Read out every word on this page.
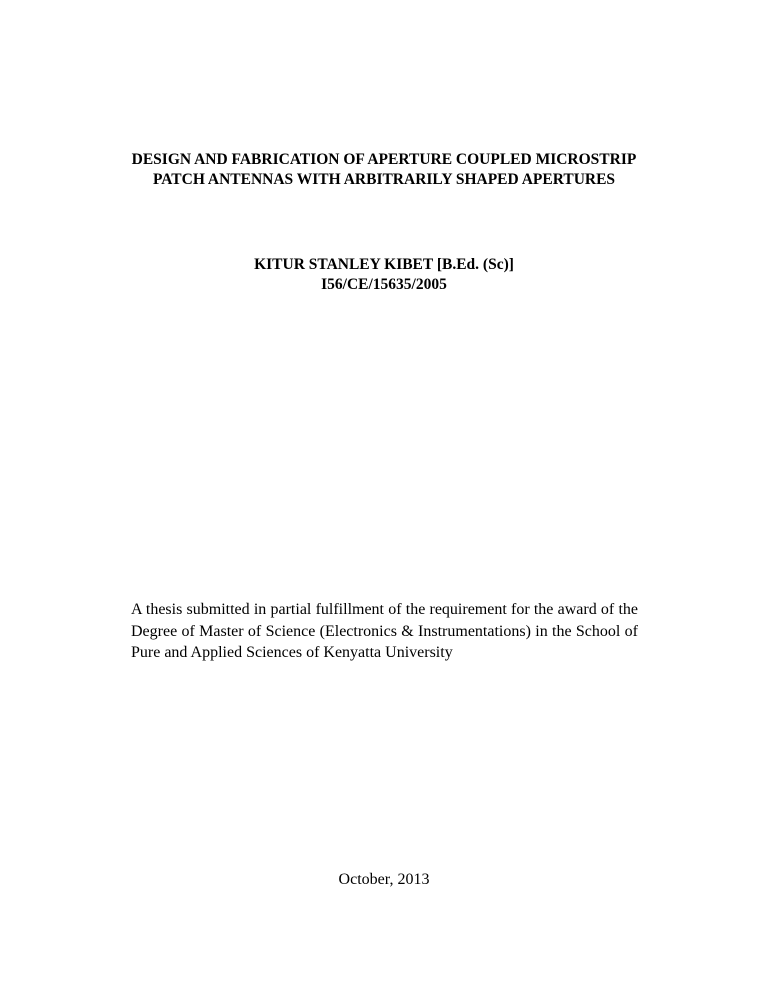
DESIGN AND FABRICATION OF APERTURE COUPLED MICROSTRIP
PATCH ANTENNAS WITH ARBITRARILY SHAPED APERTURES
KITUR STANLEY KIBET [B.Ed. (Sc)]
I56/CE/15635/2005
A thesis submitted in partial fulfillment of the requirement for the award of the Degree of Master of Science (Electronics & Instrumentations) in the School of Pure and Applied Sciences of Kenyatta University
October, 2013
